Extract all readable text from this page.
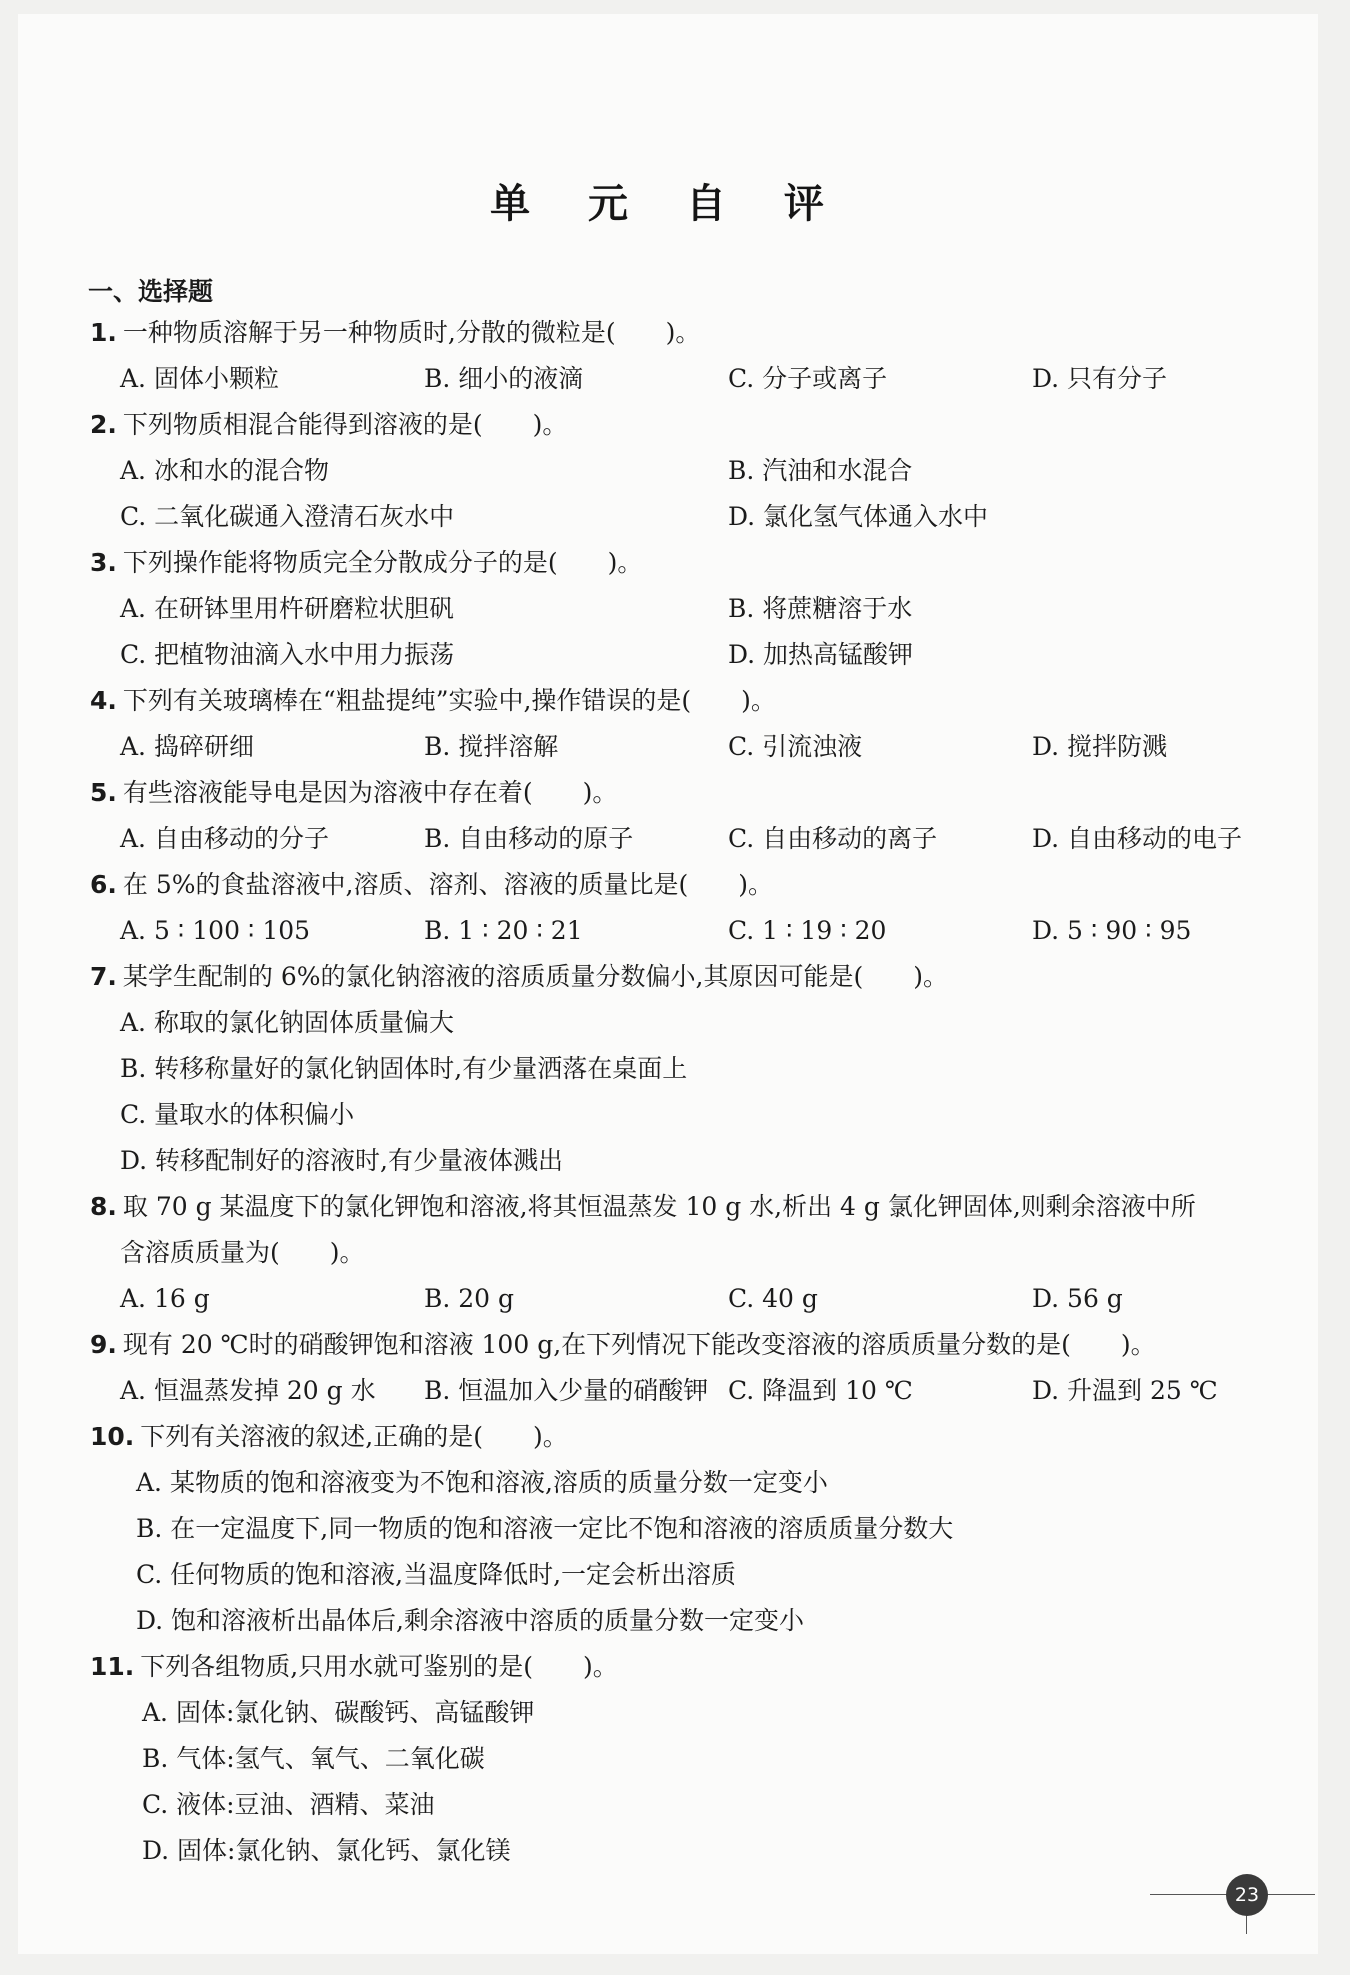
单 元 自 评
一、选择题
1. 一种物质溶解于另一种物质时,分散的微粒是(　　)。
A. 固体小颗粒	B. 细小的液滴	C. 分子或离子	D. 只有分子
2. 下列物质相混合能得到溶液的是(　　)。
A. 冰和水的混合物	B. 汽油和水混合
C. 二氧化碳通入澄清石灰水中	D. 氯化氢气体通入水中
3. 下列操作能将物质完全分散成分子的是(　　)。
A. 在研钵里用杵研磨粒状胆矾	B. 将蔗糖溶于水
C. 把植物油滴入水中用力振荡	D. 加热高锰酸钾
4. 下列有关玻璃棒在“粗盐提纯”实验中,操作错误的是(　　)。
A. 捣碎研细	B. 搅拌溶解	C. 引流浊液	D. 搅拌防溅
5. 有些溶液能导电是因为溶液中存在着(　　)。
A. 自由移动的分子	B. 自由移动的原子	C. 自由移动的离子	D. 自由移动的电子
6. 在 5%的食盐溶液中,溶质、溶剂、溶液的质量比是(　　)。
A. 5 ∶ 100 ∶ 105	B. 1 ∶ 20 ∶ 21	C. 1 ∶ 19 ∶ 20	D. 5 ∶ 90 ∶ 95
7. 某学生配制的 6%的氯化钠溶液的溶质质量分数偏小,其原因可能是(　　)。
A. 称取的氯化钠固体质量偏大
B. 转移称量好的氯化钠固体时,有少量洒落在桌面上
C. 量取水的体积偏小
D. 转移配制好的溶液时,有少量液体溅出
8. 取 70 g 某温度下的氯化钾饱和溶液,将其恒温蒸发 10 g 水,析出 4 g 氯化钾固体,则剩余溶液中所
含溶质质量为(　　)。
A. 16 g	B. 20 g	C. 40 g	D. 56 g
9. 现有 20 ℃时的硝酸钾饱和溶液 100 g,在下列情况下能改变溶液的溶质质量分数的是(　　)。
A. 恒温蒸发掉 20 g 水 B. 恒温加入少量的硝酸钾 C. 降温到 10 ℃	D. 升温到 25 ℃
10. 下列有关溶液的叙述,正确的是(　　)。
A. 某物质的饱和溶液变为不饱和溶液,溶质的质量分数一定变小
B. 在一定温度下,同一物质的饱和溶液一定比不饱和溶液的溶质质量分数大
C. 任何物质的饱和溶液,当温度降低时,一定会析出溶质
D. 饱和溶液析出晶体后,剩余溶液中溶质的质量分数一定变小
11. 下列各组物质,只用水就可鉴别的是(　　)。
A. 固体:氯化钠、碳酸钙、高锰酸钾
B. 气体:氢气、氧气、二氧化碳
C. 液体:豆油、酒精、菜油
D. 固体:氯化钠、氯化钙、氯化镁
23
